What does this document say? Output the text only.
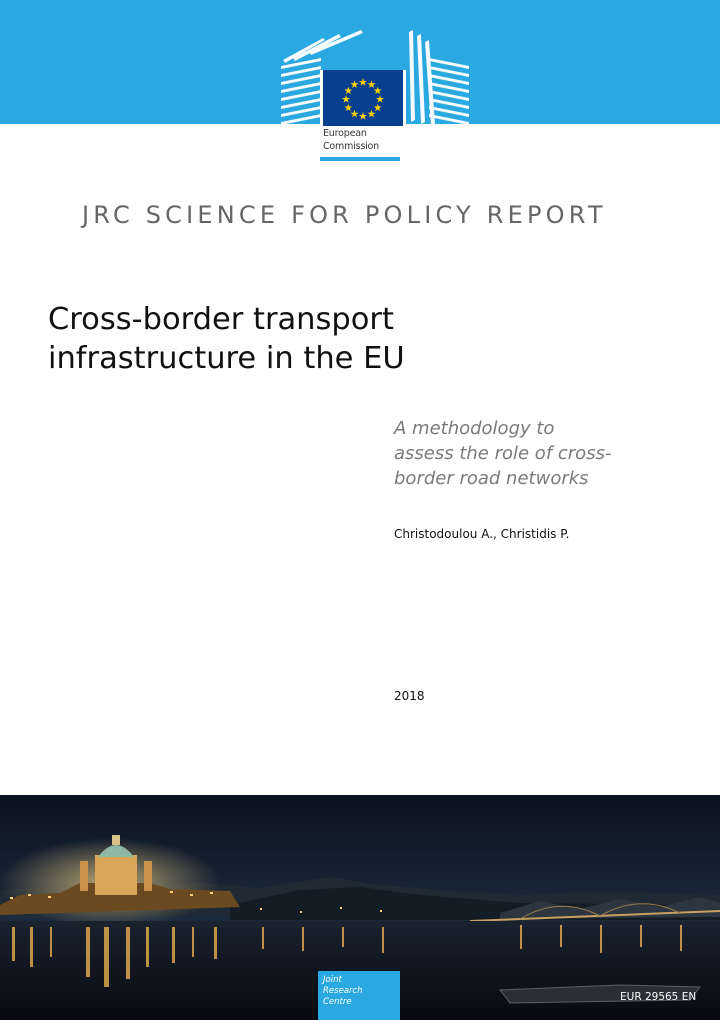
European
Commission
JRC SCIENCE FOR POLICY REPORT
Cross-border transport
infrastructure in the EU
A methodology to
assess the role of cross-
border road networks
Christodoulou A., Christidis P.
2018
Joint
Research
Centre	EUR 29565 EN
